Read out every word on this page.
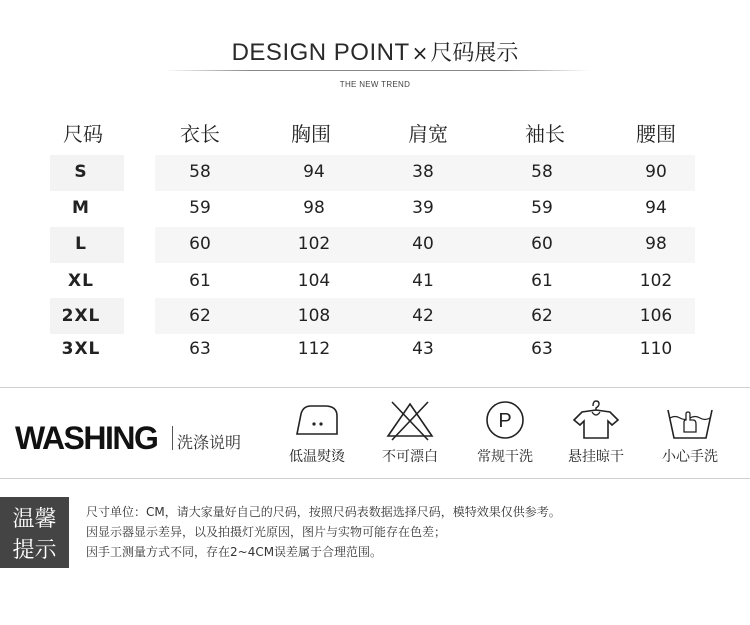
DESIGN POINT ×尺码展示
THE NEW TREND
尺码	衣长	胸围	肩宽	袖长	腰围
S	58	94	38	58	90
M	59	98	39	59	94
L	60	102	40	60	98
XL	61	104	41	61	102
2XL	62	108	42	62	106
3XL	63	112	43	63	110
WASHING 洗涤说明
低温熨烫	不可漂白
P
常规干洗	悬挂晾干	小心手洗
温馨
提示
尺寸单位：CM，请大家量好自己的尺码，按照尺码表数据选择尺码，模特效果仅供参考。
因显示器显示差异，以及拍摄灯光原因，图片与实物可能存在色差；
因手工测量方式不同，存在2~4CM误差属于合理范围。
